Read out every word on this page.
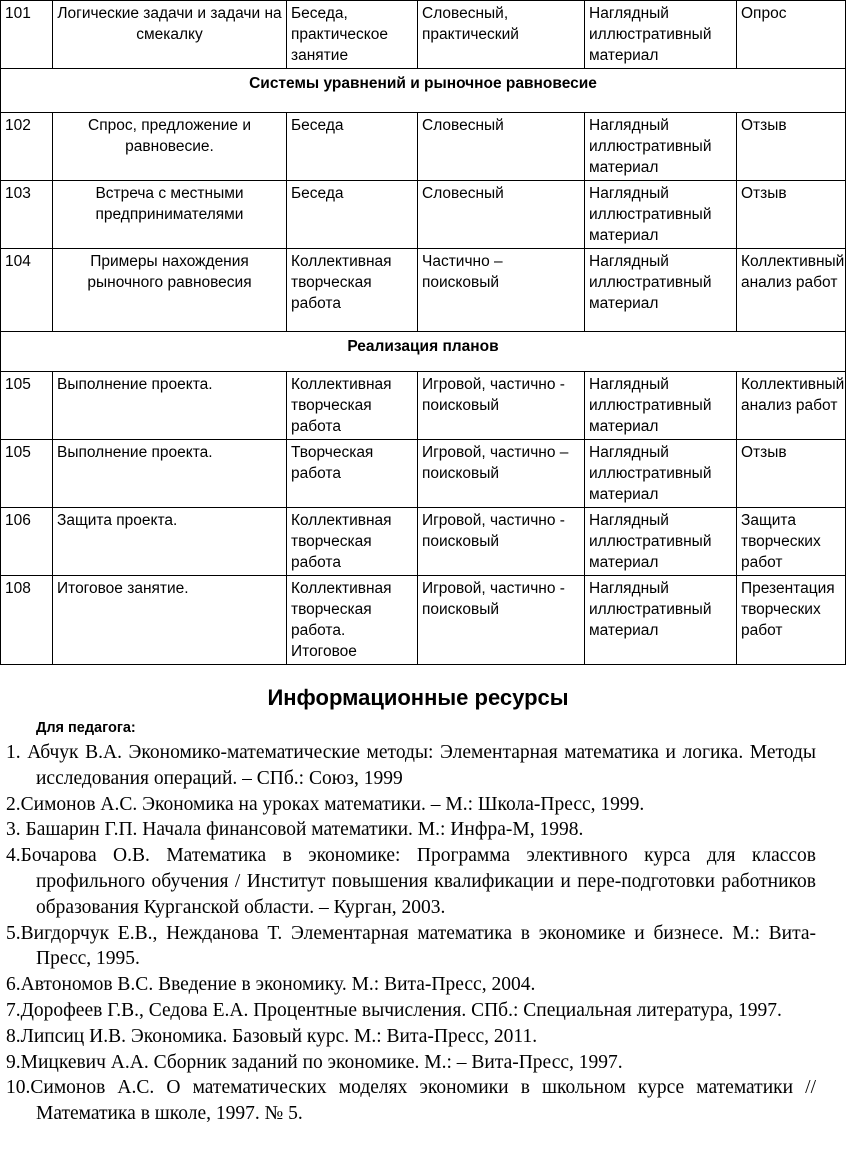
101	Логические задачи и задачи на смекалку	Беседа, практическое занятие	Словесный, практический	Наглядный иллюстративный материал	Опрос
Системы уравнений и рыночное равновесие					
102	Спрос, предложение и равновесие.	Беседа	Словесный	Наглядный иллюстративный материал	Отзыв
103	Встреча с местными предпринимателями	Беседа	Словесный	Наглядный иллюстративный материал	Отзыв
104	Примеры нахождения рыночного равновесия	Коллективная творческая работа	Частично – поисковый	Наглядный иллюстративный материал	Коллективный анализ работ
Реализация планов					
105	Выполнение проекта.	Коллективная творческая работа	Игровой, частично - поисковый	Наглядный иллюстративный материал	Коллективный анализ работ
105	Выполнение проекта.	Творческая работа	Игровой, частично – поисковый	Наглядный иллюстративный материал	Отзыв
106	Защита проекта.	Коллективная творческая работа	Игровой, частично - поисковый	Наглядный иллюстративный материал	Защита творческих работ
108	Итоговое занятие.	Коллективная творческая работа. Итоговое	Игровой, частично - поисковый	Наглядный иллюстративный материал	Презентация творческих работ
Информационные ресурсы
Для педагога:
1. Абчук В.А. Экономико-математические методы: Элементарная математика и логика. Методы исследования операций. – СПб.: Союз, 1999
2.Симонов А.С. Экономика на уроках математики. – М.: Школа-Пресс, 1999.
3. Башарин Г.П. Начала финансовой математики. М.: Инфра-М, 1998.
4.Бочарова О.В. Математика в экономике: Программа элективного курса для классов профильного обучения / Институт повышения квалификации и пере-подготовки работников образования Курганской области. – Курган, 2003.
5.Вигдорчук Е.В., Нежданова Т. Элементарная математика в экономике и бизнесе. М.: Вита-Пресс, 1995.
6.Автономов В.С. Введение в экономику. М.: Вита-Пресс, 2004.
7.Дорофеев Г.В., Седова Е.А. Процентные вычисления. СПб.: Специальная литература, 1997.
8.Липсиц И.В. Экономика. Базовый курс. М.: Вита-Пресс, 2011.
9.Мицкевич А.А. Сборник заданий по экономике. М.: – Вита-Пресс, 1997.
10.Симонов А.С. О математических моделях экономики в школьном курсе математики // Математика в школе, 1997. № 5.
